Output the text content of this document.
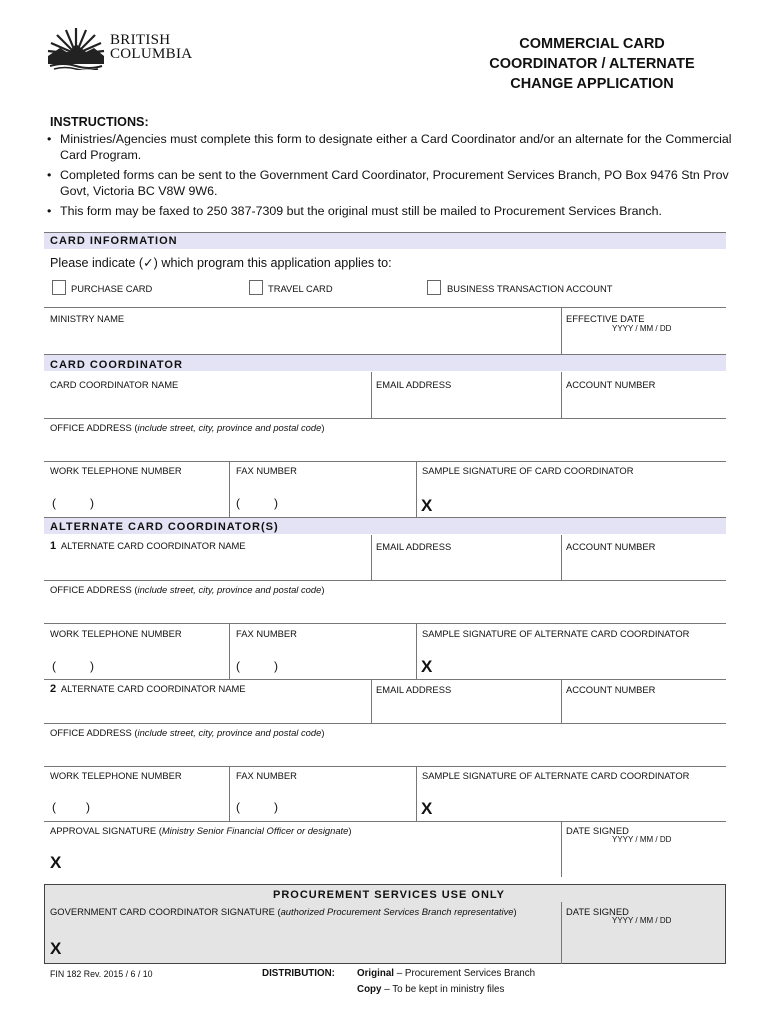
BRITISH
COLUMBIA
COMMERCIAL CARD
COORDINATOR / ALTERNATE
CHANGE APPLICATION
INSTRUCTIONS:
• Ministries/Agencies must complete this form to designate either a Card Coordinator and/or an alternate for the Commercial Card Program.
• Completed forms can be sent to the Government Card Coordinator, Procurement Services Branch, PO Box 9476 Stn Prov Govt, Victoria BC V8W 9W6.
• This form may be faxed to 250 387-7309 but the original must still be mailed to Procurement Services Branch.
CARD INFORMATION
Please indicate (✓) which program this application applies to:
PURCHASE CARD	TRAVEL CARD	BUSINESS TRANSACTION ACCOUNT
MINISTRY NAME	EFFECTIVE DATE
YYYY / MM / DD
CARD COORDINATOR
CARD COORDINATOR NAME	EMAIL ADDRESS	ACCOUNT NUMBER
OFFICE ADDRESS (include street, city, province and postal code)
WORK TELEPHONE NUMBER
(	)
FAX NUMBER
(	)
SAMPLE SIGNATURE OF CARD COORDINATOR
X
ALTERNATE CARD COORDINATOR(S)
1 ALTERNATE CARD COORDINATOR NAME	EMAIL ADDRESS	ACCOUNT NUMBER
OFFICE ADDRESS (include street, city, province and postal code)
WORK TELEPHONE NUMBER
(	)
FAX NUMBER
(	)
SAMPLE SIGNATURE OF ALTERNATE CARD COORDINATOR
X
2 ALTERNATE CARD COORDINATOR NAME	EMAIL ADDRESS	ACCOUNT NUMBER
OFFICE ADDRESS (include street, city, province and postal code)
WORK TELEPHONE NUMBER
(	)
FAX NUMBER
(	)
SAMPLE SIGNATURE OF ALTERNATE CARD COORDINATOR
X
APPROVAL SIGNATURE (Ministry Senior Financial Officer or designate)
X
DATE SIGNED
YYYY / MM / DD
PROCUREMENT SERVICES USE ONLY
GOVERNMENT CARD COORDINATOR SIGNATURE (authorized Procurement Services Branch representative)
X
DATE SIGNED
YYYY / MM / DD
FIN 182 Rev. 2015 / 6 / 10	DISTRIBUTION: Original – Procurement Services Branch
Copy – To be kept in ministry files
